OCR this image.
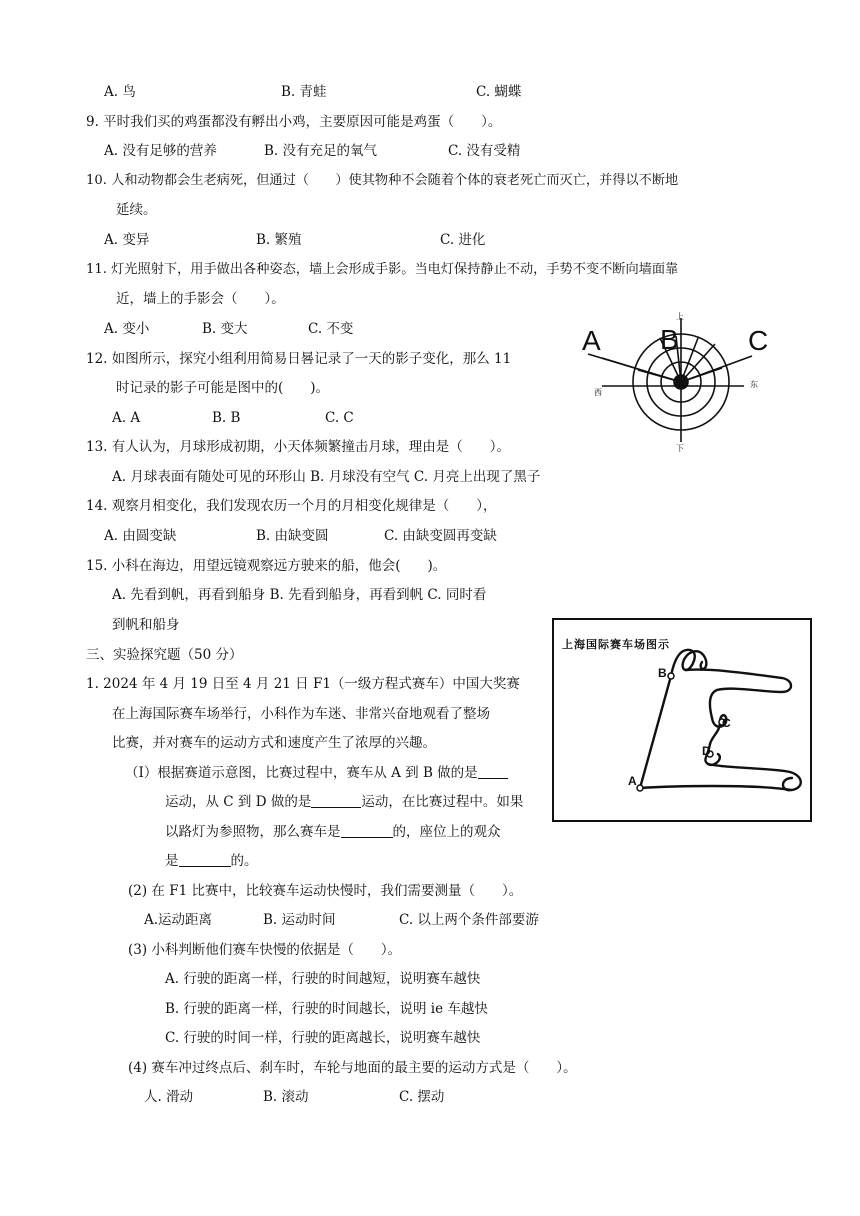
A. 鸟	B. 青蛙	C. 蝴蝶
9. 平时我们买的鸡蛋都没有孵出小鸡，主要原因可能是鸡蛋（　　）。
A. 没有足够的营养	B. 没有充足的氧气	C. 没有受精
10. 人和动物都会生老病死，但通过（　　）使其物种不会随着个体的衰老死亡而灭亡，并得以不断地
延续。
A. 变异	B. 繁殖	C. 进化
11. 灯光照射下，用手做出各种姿态，墙上会形成手影。当电灯保持静止不动，手势不变不断向墙面靠
近，墙上的手影会（　　）。
A. 变小	B. 变大	C. 不变
12. 如图所示，探究小组利用简易日晷记录了一天的影子变化，那么 11
时记录的影子可能是图中的(　　)。
A. A	B. B	C. C
A B C
上
西
东
下
13. 有人认为，月球形成初期，小天体频繁撞击月球，理由是（　　）。
A. 月球表面有随处可见的环形山 B. 月球没有空气 C. 月亮上出现了黑子
14. 观察月相变化，我们发现农历一个月的月相变化规律是（　　），
A. 由圆变缺	B. 由缺变圆	C. 由缺变圆再变缺
15. 小科在海边，用望远镜观察远方驶来的船，他会(　　)。
A. 先看到帆，再看到船身 B. 先看到船身，再看到帆 C. 同时看
到帆和船身
三、实验探究题（50 分）
1. 2024 年 4 月 19 日至 4 月 21 日 F1（一级方程式赛车）中国大奖赛
在上海国际赛车场举行，小科作为车迷、非常兴奋地观看了整场
比赛，并对赛车的运动方式和速度产生了浓厚的兴趣。
（Ⅰ）根据赛道示意图，比赛过程中，赛车从 A 到 B 做的是
运动，从 C 到 D 做的是	运动，在比赛过程中。如果
以路灯为参照物，那么赛车是	的，座位上的观众
是	的。
上海国际赛车场图示
A
B
C
D
(2) 在 F1 比赛中，比较赛车运动快慢时，我们需要测量（　　）。
A.运动距离	B. 运动时间	C. 以上两个条件部要游
(3) 小科判断他们赛车快慢的依据是（　　）。
A. 行驶的距离一样，行驶的时间越短，说明赛车越快
B. 行驶的距离一样，行驶的时间越长，说明 ie 车越快
C. 行驶的时间一样，行驶的距离越长，说明赛车越快
(4) 赛车冲过终点后、刹车时，车轮与地面的最主要的运动方式是（　　）。
人. 滑动	B. 滚动	C. 摆动
